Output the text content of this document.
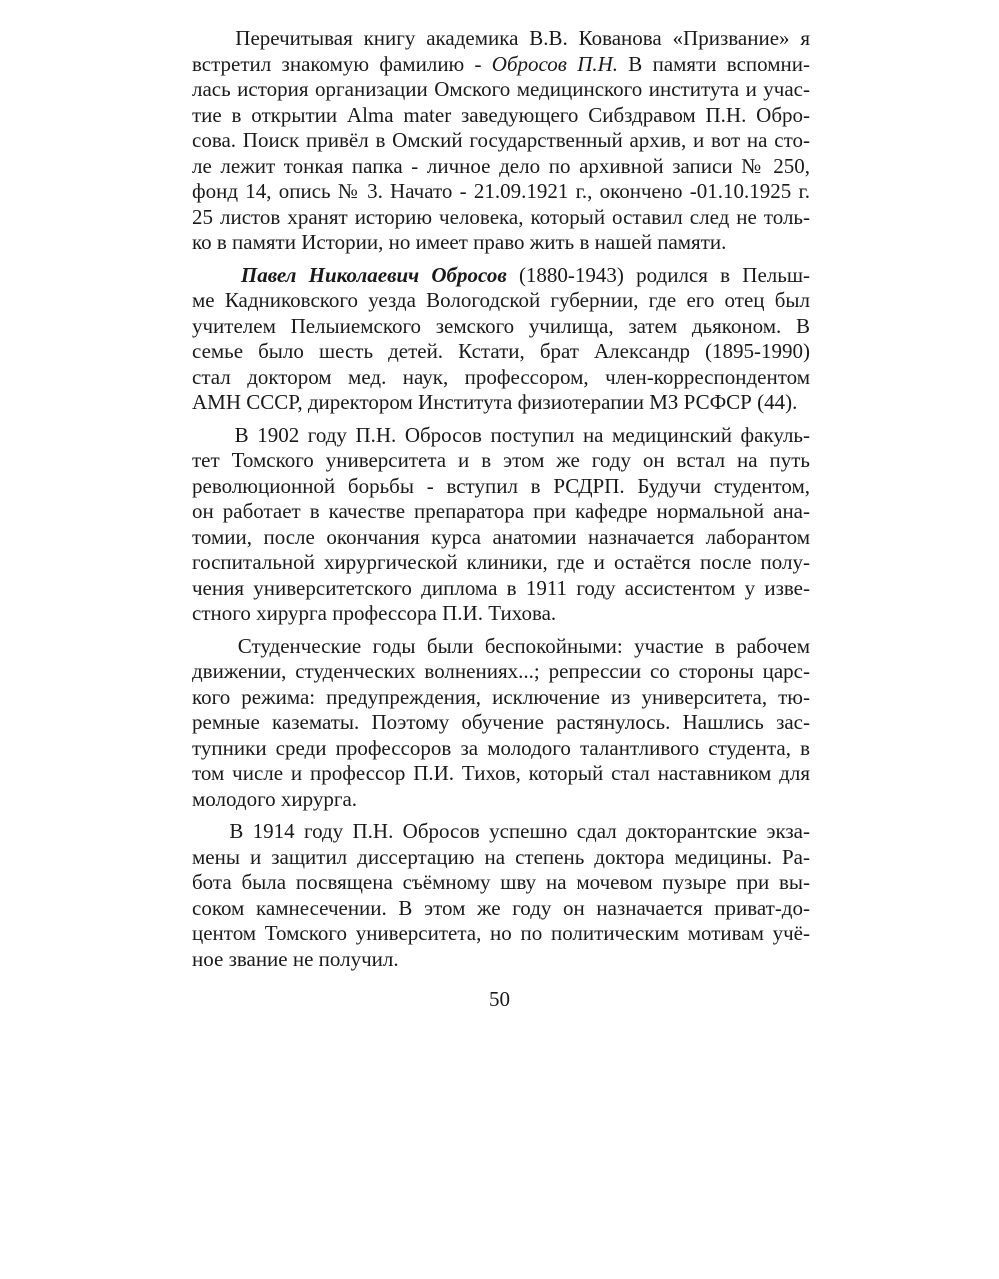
Перечитывая книгу академика В.В. Кованова «Призвание» я
встретил знакомую фамилию - Обросов П.Н. В памяти вспомни-
лась история организации Омского медицинского института и учас-
тие в открытии Alma mater заведующего Сибздравом П.Н. Обро-
сова. Поиск привёл в Омский государственный архив, и вот на сто-
ле лежит тонкая папка - личное дело по архивной записи № 250,
фонд 14, опись № 3. Начато - 21.09.1921 г., окончено -01.10.1925 г.
25 листов хранят историю человека, который оставил след не толь-
ко в памяти Истории, но имеет право жить в нашей памяти.
Павел Николаевич Обросов (1880-1943) родился в Пельш-
ме Кадниковского уезда Вологодской губернии, где его отец был
учителем Пелыиемского земского училища, затем дьяконом. В
семье было шесть детей. Кстати, брат Александр (1895-1990)
стал доктором мед. наук, профессором, член-корреспондентом
АМН СССР, директором Института физиотерапии МЗ РСФСР (44).
В 1902 году П.Н. Обросов поступил на медицинский факуль-
тет Томского университета и в этом же году он встал на путь
революционной борьбы - вступил в РСДРП. Будучи студентом,
он работает в качестве препаратора при кафедре нормальной ана-
томии, после окончания курса анатомии назначается лаборантом
госпитальной хирургической клиники, где и остаётся после полу-
чения университетского диплома в 1911 году ассистентом у изве-
стного хирурга профессора П.И. Тихова.
Студенческие годы были беспокойными: участие в рабочем
движении, студенческих волнениях...; репрессии со стороны царс-
кого режима: предупреждения, исключение из университета, тю-
ремные казематы. Поэтому обучение растянулось. Нашлись зас-
тупники среди профессоров за молодого талантливого студента, в
том числе и профессор П.И. Тихов, который стал наставником для
молодого хирурга.
В 1914 году П.Н. Обросов успешно сдал докторантские экза-
мены и защитил диссертацию на степень доктора медицины. Ра-
бота была посвящена съёмному шву на мочевом пузыре при вы-
соком камнесечении. В этом же году он назначается приват-до-
центом Томского университета, но по политическим мотивам учё-
ное звание не получил.
50
